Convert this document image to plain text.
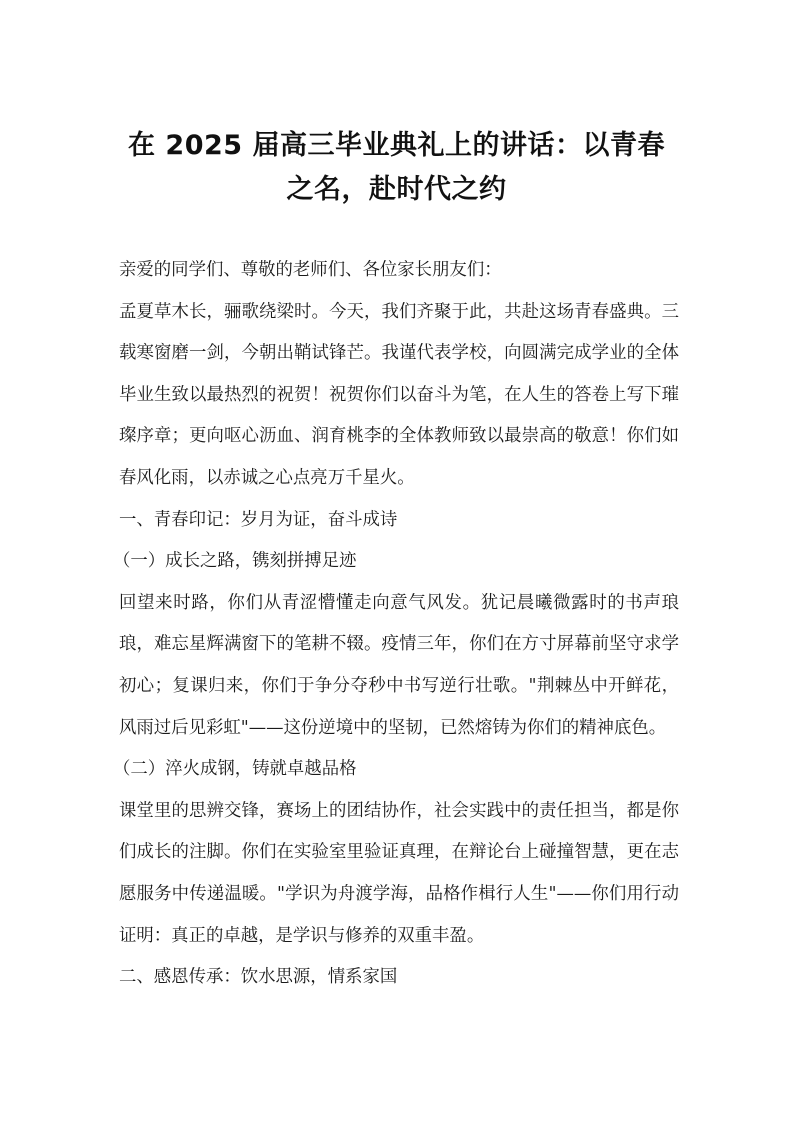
在 2025 届高三毕业典礼上的讲话：以青春
之名，赴时代之约

亲爱的同学们、尊敬的老师们、各位家长朋友们：

孟夏草木长，骊歌绕梁时。今天，我们齐聚于此，共赴这场青春盛典。三载寒窗磨一剑，今朝出鞘试锋芒。我谨代表学校，向圆满完成学业的全体毕业生致以最热烈的祝贺！祝贺你们以奋斗为笔，在人生的答卷上写下璀璨序章；更向呕心沥血、润育桃李的全体教师致以最崇高的敬意！你们如春风化雨，以赤诚之心点亮万千星火。

一、青春印记：岁月为证，奋斗成诗

（一）成长之路，镌刻拼搏足迹

回望来时路，你们从青涩懵懂走向意气风发。犹记晨曦微露时的书声琅琅，难忘星辉满窗下的笔耕不辍。疫情三年，你们在方寸屏幕前坚守求学初心；复课归来，你们于争分夺秒中书写逆行壮歌。"荆棘丛中开鲜花，风雨过后见彩虹"——这份逆境中的坚韧，已然熔铸为你们的精神底色。

（二）淬火成钢，铸就卓越品格

课堂里的思辨交锋，赛场上的团结协作，社会实践中的责任担当，都是你们成长的注脚。你们在实验室里验证真理，在辩论台上碰撞智慧，更在志愿服务中传递温暖。"学识为舟渡学海，品格作楫行人生"——你们用行动证明：真正的卓越，是学识与修养的双重丰盈。

二、感恩传承：饮水思源，情系家国
